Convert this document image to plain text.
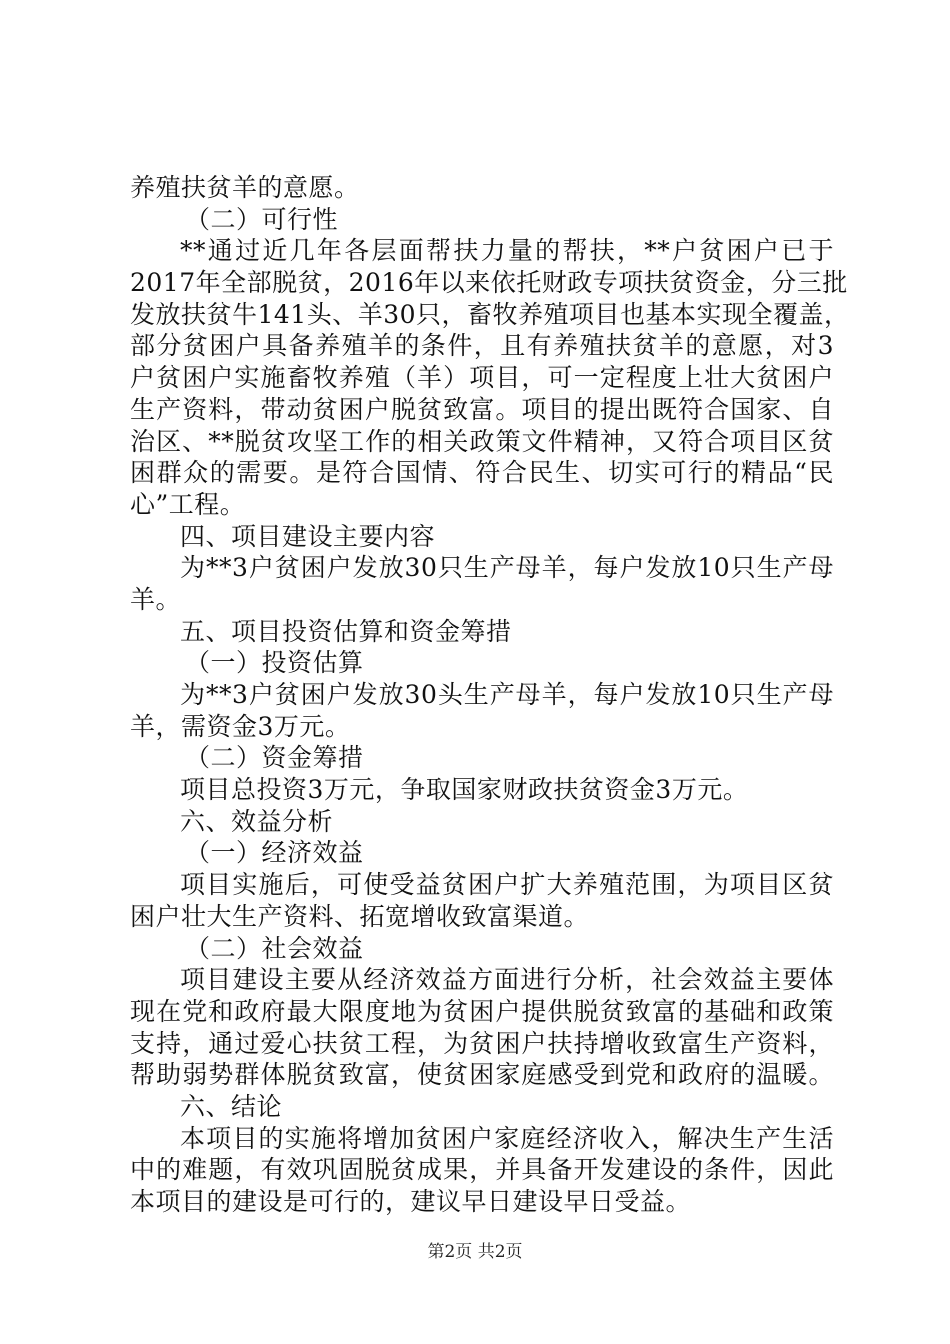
养殖扶贫羊的意愿。
（二）可行性
**通过近几年各层面帮扶力量的帮扶，**户贫困户已于
2017年全部脱贫，2016年以来依托财政专项扶贫资金，分三批
发放扶贫牛141头、羊30只，畜牧养殖项目也基本实现全覆盖，
部分贫困户具备养殖羊的条件，且有养殖扶贫羊的意愿，对3
户贫困户实施畜牧养殖（羊）项目，可一定程度上壮大贫困户
生产资料，带动贫困户脱贫致富。项目的提出既符合国家、自
治区、**脱贫攻坚工作的相关政策文件精神，又符合项目区贫
困群众的需要。是符合国情、符合民生、切实可行的精品“民
心”工程。
四、项目建设主要内容
为**3户贫困户发放30只生产母羊，每户发放10只生产母
羊。
五、项目投资估算和资金筹措
（一）投资估算
为**3户贫困户发放30头生产母羊，每户发放10只生产母
羊，需资金3万元。
（二）资金筹措
项目总投资3万元，争取国家财政扶贫资金3万元。
六、效益分析
（一）经济效益
项目实施后，可使受益贫困户扩大养殖范围，为项目区贫
困户壮大生产资料、拓宽增收致富渠道。
（二）社会效益
项目建设主要从经济效益方面进行分析，社会效益主要体
现在党和政府最大限度地为贫困户提供脱贫致富的基础和政策
支持，通过爱心扶贫工程，为贫困户扶持增收致富生产资料，
帮助弱势群体脱贫致富，使贫困家庭感受到党和政府的温暖。
六、结论
本项目的实施将增加贫困户家庭经济收入，解决生产生活
中的难题，有效巩固脱贫成果，并具备开发建设的条件，因此
本项目的建设是可行的，建议早日建设早日受益。
第2页 共2页
